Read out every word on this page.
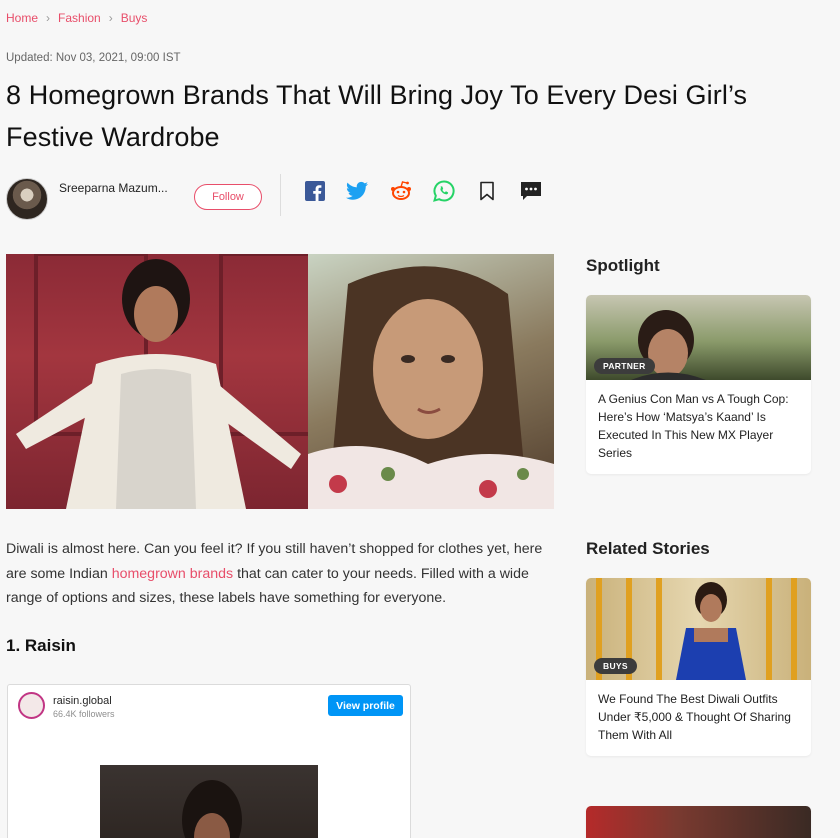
Home › Fashion › Buys
Updated: Nov 03, 2021, 09:00 IST
8 Homegrown Brands That Will Bring Joy To Every Desi Girl’s Festive Wardrobe
Sreeparna Mazum...
Follow

Diwali is almost here. Can you feel it? If you still haven’t shopped for clothes yet, here are some Indian homegrown brands that can cater to your needs. Filled with a wide range of options and sizes, these labels have something for everyone.

1. Raisin
raisin.global
66.4K followers
View profile
Spotlight
PARTNER
A Genius Con Man vs A Tough Cop: Here’s How ‘Matsya’s Kaand’ Is Executed In This New MX Player Series
Related Stories
BUYS
We Found The Best Diwali Outfits Under ₹5,000 & Thought Of Sharing Them With All
